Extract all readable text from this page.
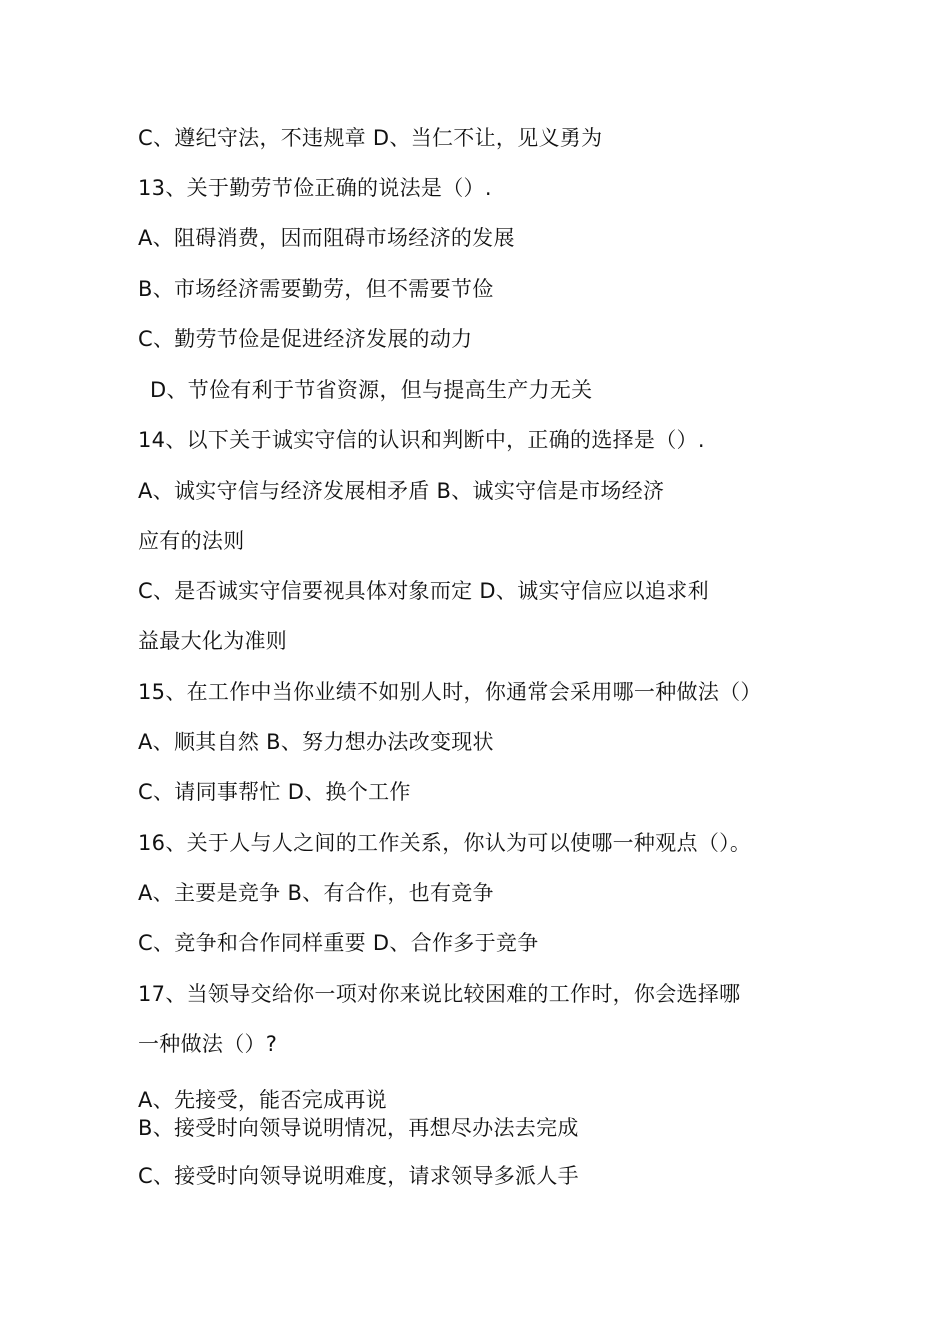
C、遵纪守法，不违规章 D、当仁不让，见义勇为
13、关于勤劳节俭正确的说法是（）.
A、阻碍消费，因而阻碍市场经济的发展
B、市场经济需要勤劳，但不需要节俭
C、勤劳节俭是促进经济发展的动力
D、节俭有利于节省资源，但与提高生产力无关
14、以下关于诚实守信的认识和判断中，正确的选择是（）.
A、诚实守信与经济发展相矛盾 B、诚实守信是市场经济
应有的法则
C、是否诚实守信要视具体对象而定 D、诚实守信应以追求利
益最大化为准则
15、在工作中当你业绩不如别人时，你通常会采用哪一种做法（）
A、顺其自然 B、努力想办法改变现状
C、请同事帮忙 D、换个工作
16、关于人与人之间的工作关系，你认为可以使哪一种观点（）。
A、主要是竞争 B、有合作，也有竞争
C、竞争和合作同样重要 D、合作多于竞争
17、当领导交给你一项对你来说比较困难的工作时，你会选择哪
一种做法（）?
A、先接受，能否完成再说
B、接受时向领导说明情况，再想尽办法去完成
C、接受时向领导说明难度，请求领导多派人手
